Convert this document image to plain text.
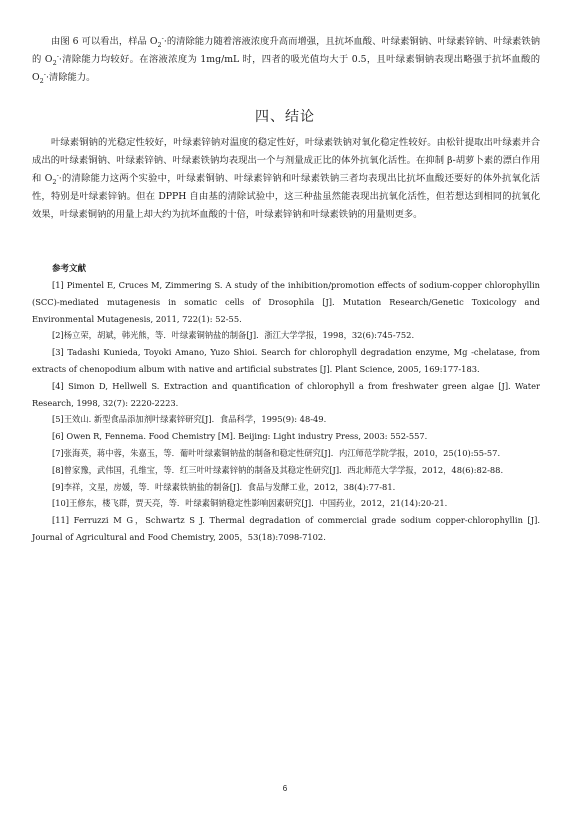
由图 6 可以看出，样品 $O_2^-\cdot$的清除能力随着溶液浓度升高而增强，且抗坏血酸、叶绿素铜钠、叶绿素锌钠、叶绿素铁钠的 $O_2^-\cdot$清除能力均较好。在溶液浓度为 1mg/mL 时，四者的吸光值均大于 0.5，且叶绿素铜钠表现出略强于抗坏血酸的 $O_2^-\cdot$清除能力。

四、结论

叶绿素铜钠的光稳定性较好，叶绿素锌钠对温度的稳定性好，叶绿素铁钠对氧化稳定性较好。由松针提取出叶绿素并合成出的叶绿素铜钠、叶绿素锌钠、叶绿素铁钠均表现出一个与剂量成正比的体外抗氧化活性。在抑制 β-胡萝卜素的漂白作用和 $O_2^-\cdot$的清除能力这两个实验中，叶绿素铜钠、叶绿素锌钠和叶绿素铁钠三者均表现出比抗坏血酸还要好的体外抗氧化活性，特别是叶绿素锌钠。但在 DPPH 自由基的清除试验中，这三种盐虽然能表现出抗氧化活性，但若想达到相同的抗氧化效果，叶绿素铜钠的用量上却大约为抗坏血酸的十倍，叶绿素锌钠和叶绿素铁钠的用量则更多。

参考文献

[1] Pimentel E, Cruces M, Zimmering S. A study of the inhibition/promotion effects of sodium-copper chlorophyllin (SCC)-mediated mutagenesis in somatic cells of Drosophila [J]. Mutation Research/Genetic Toxicology and Environmental Mutagenesis, 2011, 722(1): 52-55.

[2]杨立荣，胡斌，韩光熊，等．叶绿素铜钠盐的制备[J]．浙江大学学报，1998，32(6):745-752.

[3] Tadashi Kunieda, Toyoki Amano, Yuzo Shioi. Search for chlorophyll degradation enzyme, Mg -chelatase, from extracts of chenopodium album with native and artificial substrates [J]. Plant Science, 2005, 169:177-183.

[4] Simon D, Hellwell S. Extraction and quantification of chlorophyll a from freshwater green algae [J]. Water Research, 1998, 32(7): 2220-2223.

[5]王效山. 新型食品添加剂叶绿素锌研究[J]．食品科学，1995(9): 48-49.

[6] Owen R, Fennema. Food Chemistry [M]. Beijing: Light industry Press, 2003: 552-557.

[7]张海英，蒋中蓉，朱嘉玉，等．葡叶叶绿素铜钠盐的制备和稳定性研究[J]．内江师范学院学报，2010，25(10):55-57.

[8]曾家豫，武伟国，孔维宝，等．红三叶叶绿素锌钠的制备及其稳定性研究[J]．西北师范大学学报，2012，48(6):82-88.

[9]李祥，文星，房媛，等．叶绿素铁钠盐的制备[J]．食品与发酵工业，2012，38(4):77-81.

[10]王修东，楼飞群，贾天亮，等．叶绿素铜钠稳定性影响因素研究[J]．中国药业，2012，21(14):20-21.

[11] Ferruzzi M G，Schwartz S J. Thermal degradation of commercial grade sodium copper-chlorophyllin [J]. Journal of Agricultural and Food Chemistry, 2005，53(18):7098-7102.

6
